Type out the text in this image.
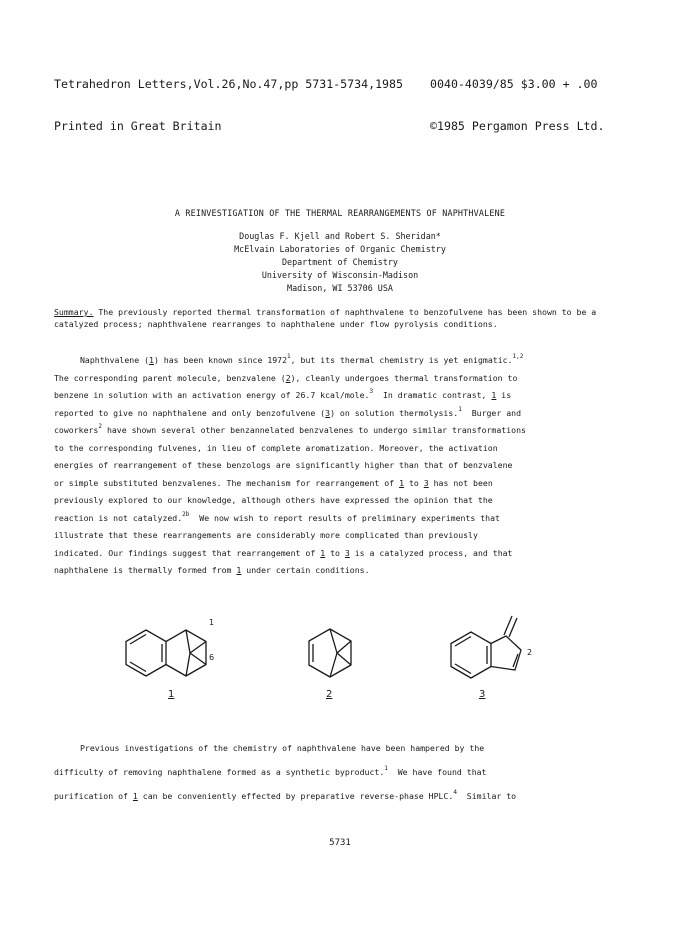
Tetrahedron Letters,Vol.26,No.47,pp 5731-5734,1985

Printed in Great Britain

0040-4039/85 $3.00 + .00

©1985 Pergamon Press Ltd.

A REINVESTIGATION OF THE THERMAL REARRANGEMENTS OF NAPHTHVALENE
Douglas F. Kjell and Robert S. Sheridan*
McElvain Laboratories of Organic Chemistry
Department of Chemistry
University of Wisconsin-Madison
Madison, WI 53706 USA
Summary. The previously reported thermal transformation of naphthvalene to benzofulvene has been shown to be a catalyzed process; naphthvalene rearranges to naphthalene under flow pyrolysis conditions.
Naphthvalene (1) has been known since 1972$^1$, but its thermal chemistry is yet enigmatic.$^{1,2}$
The corresponding parent molecule, benzvalene (2), cleanly undergoes thermal transformation to
benzene in solution with an activation energy of 26.7 kcal/mole.$^3$ In dramatic contrast, 1 is
reported to give no naphthalene and only benzofulvene (3) on solution thermolysis.$^1$ Burger and
coworkers$^2$ have shown several other benzannelated benzvalenes to undergo similar transformations
to the corresponding fulvenes, in lieu of complete aromatization. Moreover, the activation
energies of rearrangement of these benzologs are significantly higher than that of benzvalene
or simple substituted benzvalenes. The mechanism for rearrangement of 1 to 3 has not been
previously explored to our knowledge, although others have expressed the opinion that the
reaction is not catalyzed.$^{2b}$ We now wish to report results of preliminary experiments that
illustrate that these rearrangements are considerably more complicated than previously
indicated. Our findings suggest that rearrangement of 1 to 3 is a catalyzed process, and that
naphthalene is thermally formed from 1 under certain conditions.
1
6
2
1	2	3
Previous investigations of the chemistry of naphthvalene have been hampered by the
difficulty of removing naphthalene formed as a synthetic byproduct.$^1$ We have found that
purification of 1 can be conveniently effected by preparative reverse-phase HPLC.$^4$ Similar to
5731
